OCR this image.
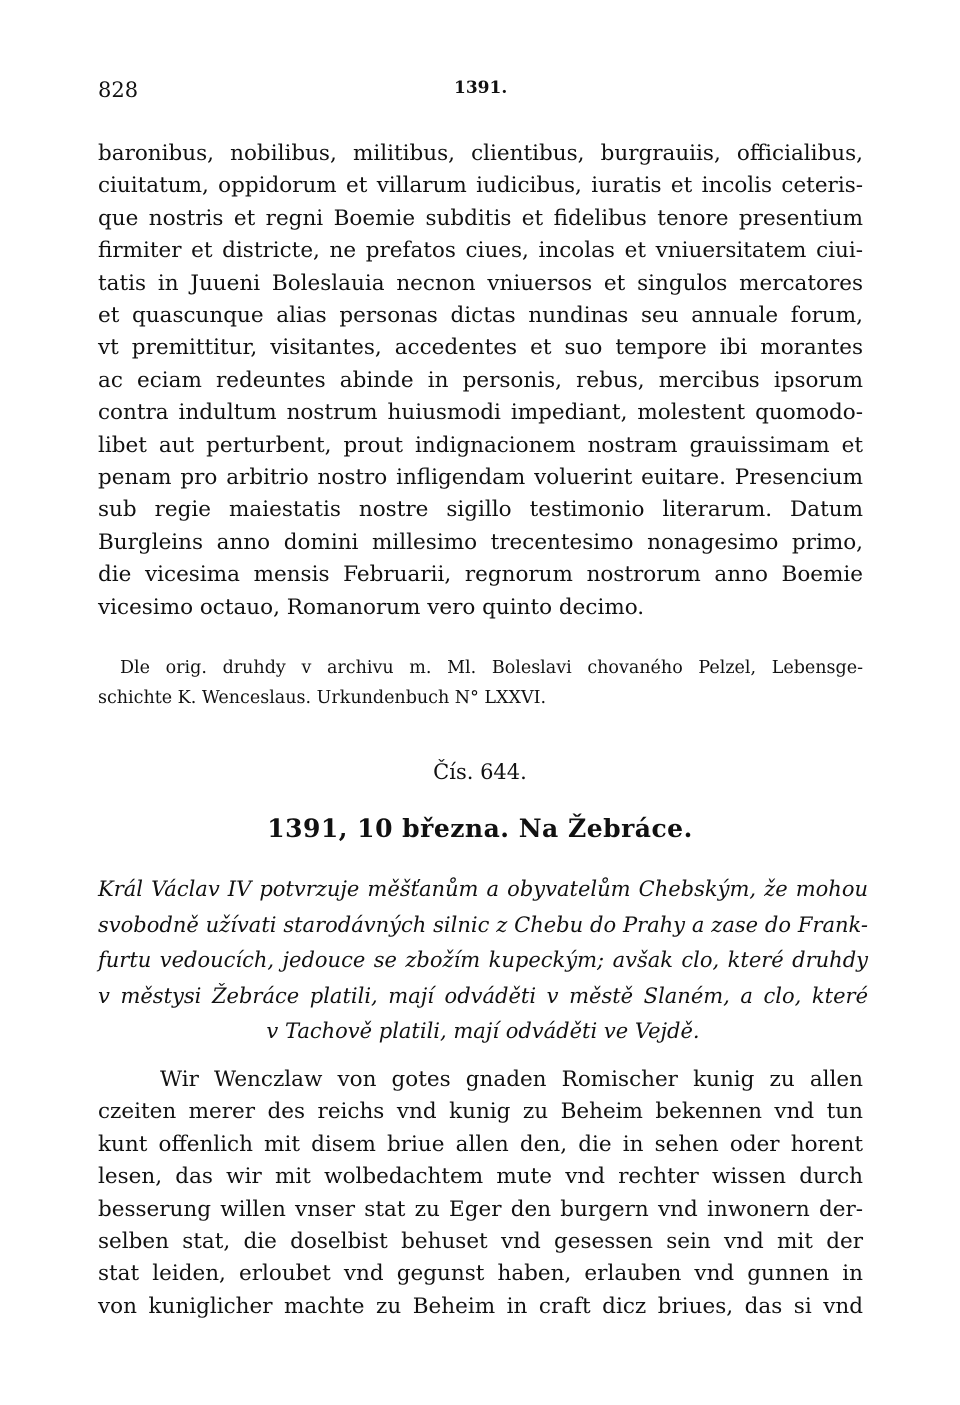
828	1391.
baronibus, nobilibus, militibus, clientibus, burgrauiis, officialibus,
ciuitatum, oppidorum et villarum iudicibus, iuratis et incolis ceteris-
que nostris et regni Boemie subditis et fidelibus tenore presentium
firmiter et districte, ne prefatos ciues, incolas et vniuersitatem ciui-
tatis in Juueni Boleslauia necnon vniuersos et singulos mercatores
et quascunque alias personas dictas nundinas seu annuale forum,
vt premittitur, visitantes, accedentes et suo tempore ibi morantes
ac eciam redeuntes abinde in personis, rebus, mercibus ipsorum
contra indultum nostrum huiusmodi impediant, molestent quomodo-
libet aut perturbent, prout indignacionem nostram grauissimam et
penam pro arbitrio nostro infligendam voluerint euitare. Presencium
sub regie maiestatis nostre sigillo testimonio literarum. Datum
Burgleins anno domini millesimo trecentesimo nonagesimo primo,
die vicesima mensis Februarii, regnorum nostrorum anno Boemie
vicesimo octauo, Romanorum vero quinto decimo.
Dle orig. druhdy v archivu m. Ml. Boleslavi chovaného Pelzel, Lebensge-
schichte K. Wenceslaus. Urkundenbuch N° LXXVI.
Čís. 644.
1391, 10 března. Na Žebráce.
Král Václav IV potvrzuje měšťanům a obyvatelům Chebským, že mohou
svobodně užívati starodávných silnic z Chebu do Prahy a zase do Frank-
furtu vedoucích, jedouce se zbožím kupeckým; avšak clo, které druhdy
v městysi Žebráce platili, mají odváděti v městě Slaném, a clo, které
v Tachově platili, mají odváděti ve Vejdě.
Wir Wenczlaw von gotes gnaden Romischer kunig zu allen
czeiten merer des reichs vnd kunig zu Beheim bekennen vnd tun
kunt offenlich mit disem briue allen den, die in sehen oder horent
lesen, das wir mit wolbedachtem mute vnd rechter wissen durch
besserung willen vnser stat zu Eger den burgern vnd inwonern der-
selben stat, die doselbist behuset vnd gesessen sein vnd mit der
stat leiden, erloubet vnd gegunst haben, erlauben vnd gunnen in
von kuniglicher machte zu Beheim in craft dicz briues, das si vnd
